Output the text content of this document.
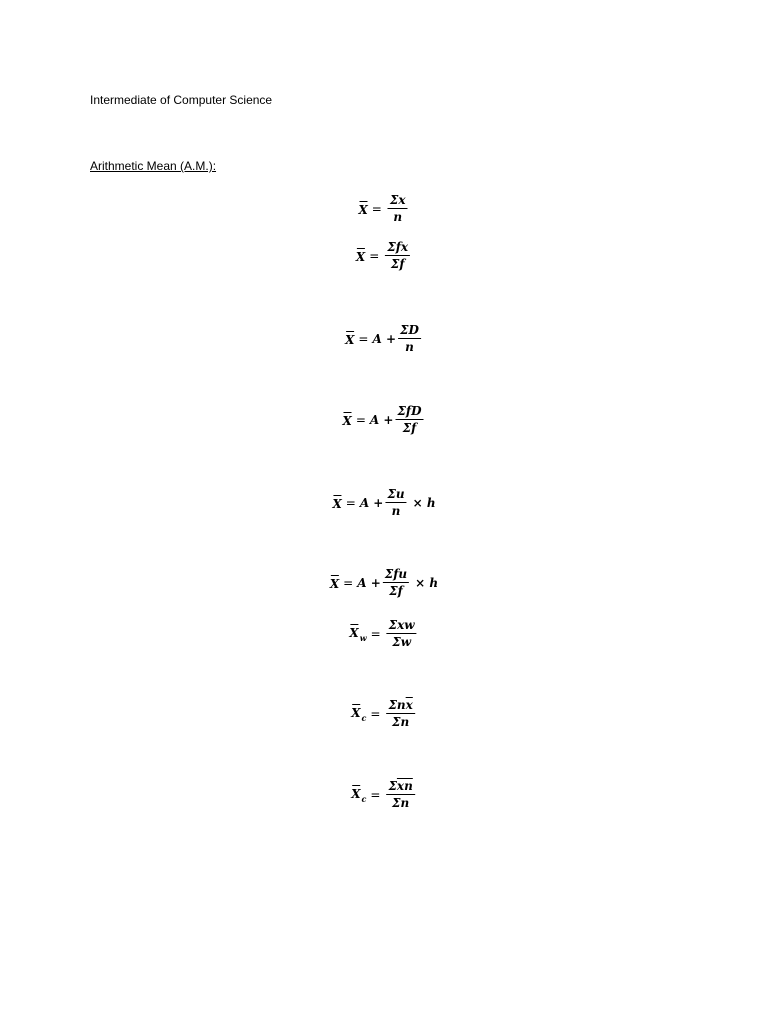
Intermediate of Computer Science
Arithmetic Mean (A.M.):
$X = \frac{\Sigma x}{n}$
$X = \frac{\text{Σfx}}{\Sigma f}$
$X = A + \frac{\Sigma D}{n}$
$X = A + \frac{\text{ΣfD}}{\Sigma f}$
$X = A + \frac{\Sigma u}{n} \times h$
$X = A + \frac{\text{Σfu}}{\Sigma f} \times h$
$X_w = \frac{\text{Σxw}}{\Sigma w}$
$X_c = \frac{\Sigma n\overline{x}}{\Sigma n}$
$X_c = \frac{\Sigma\overline{xn}}{\Sigma n}$
